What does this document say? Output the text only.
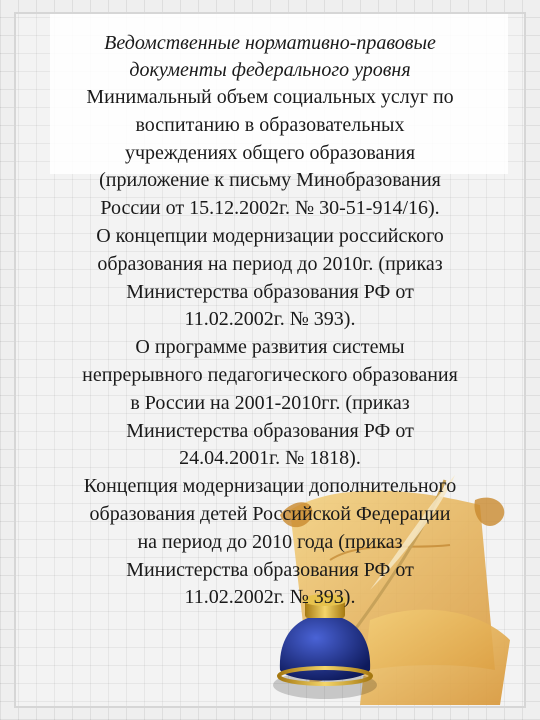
Ведомственные нормативно-правовые

документы федерального уровня

Минимальный объем социальных услуг по

воспитанию в образовательных

учреждениях общего образования

(приложение к письму Минобразования

России от 15.12.2002г. № 30-51-914/16).

О концепции модернизации российского

образования на период до 2010г. (приказ

Министерства образования РФ от

11.02.2002г. № 393).

О программе развития системы

непрерывного педагогического образования

в России на 2001-2010гг. (приказ

Министерства образования РФ от

24.04.2001г. № 1818).

Концепция модернизации дополнительного

образования детей Российской Федерации

на период до 2010 года (приказ

Министерства образования РФ от

11.02.2002г. № 393).
